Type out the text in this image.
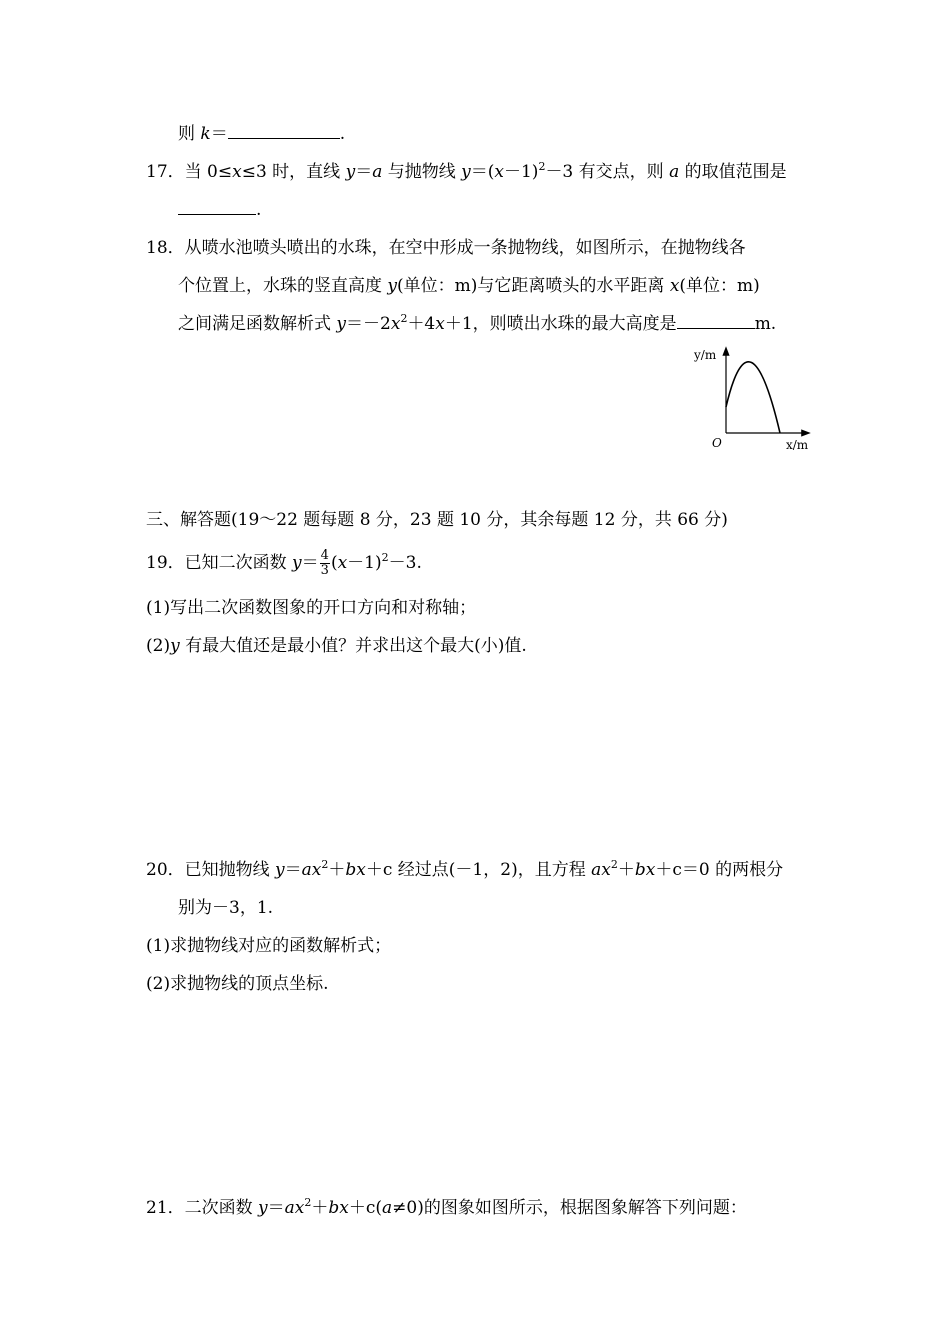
则 k＝	.
17．当 0≤x≤3 时，直线 y＝a 与抛物线 $y=(x-1)^2-3$ 有交点，则 a 的取值范围是
.
18．从喷水池喷头喷出的水珠，在空中形成一条抛物线，如图所示，在抛物线各
个位置上，水珠的竖直高度 y(单位：m)与它距离喷头的水平距离 x(单位：m)
之间满足函数解析式 $y=-2x^2+4x+1$，则喷出水珠的最大高度是	m.
y/m
x/m
O
三、解答题(19～22 题每题 8 分，23 题 10 分，其余每题 12 分，共 66 分)
19．已知二次函数 $y= \frac{4}{3} (x-1)^2-3$.
(1)写出二次函数图象的开口方向和对称轴；
(2)y 有最大值还是最小值？并求出这个最大(小)值.
20．已知抛物线 $y=ax^2+bx+c$ 经过点(－1，2)，且方程 $ax^2+bx+c=0$ 的两根分
别为－3，1.
(1)求抛物线对应的函数解析式；
(2)求抛物线的顶点坐标.
21．二次函数 $y=ax^2+bx+c(a\ne 0)$的图象如图所示，根据图象解答下列问题：
